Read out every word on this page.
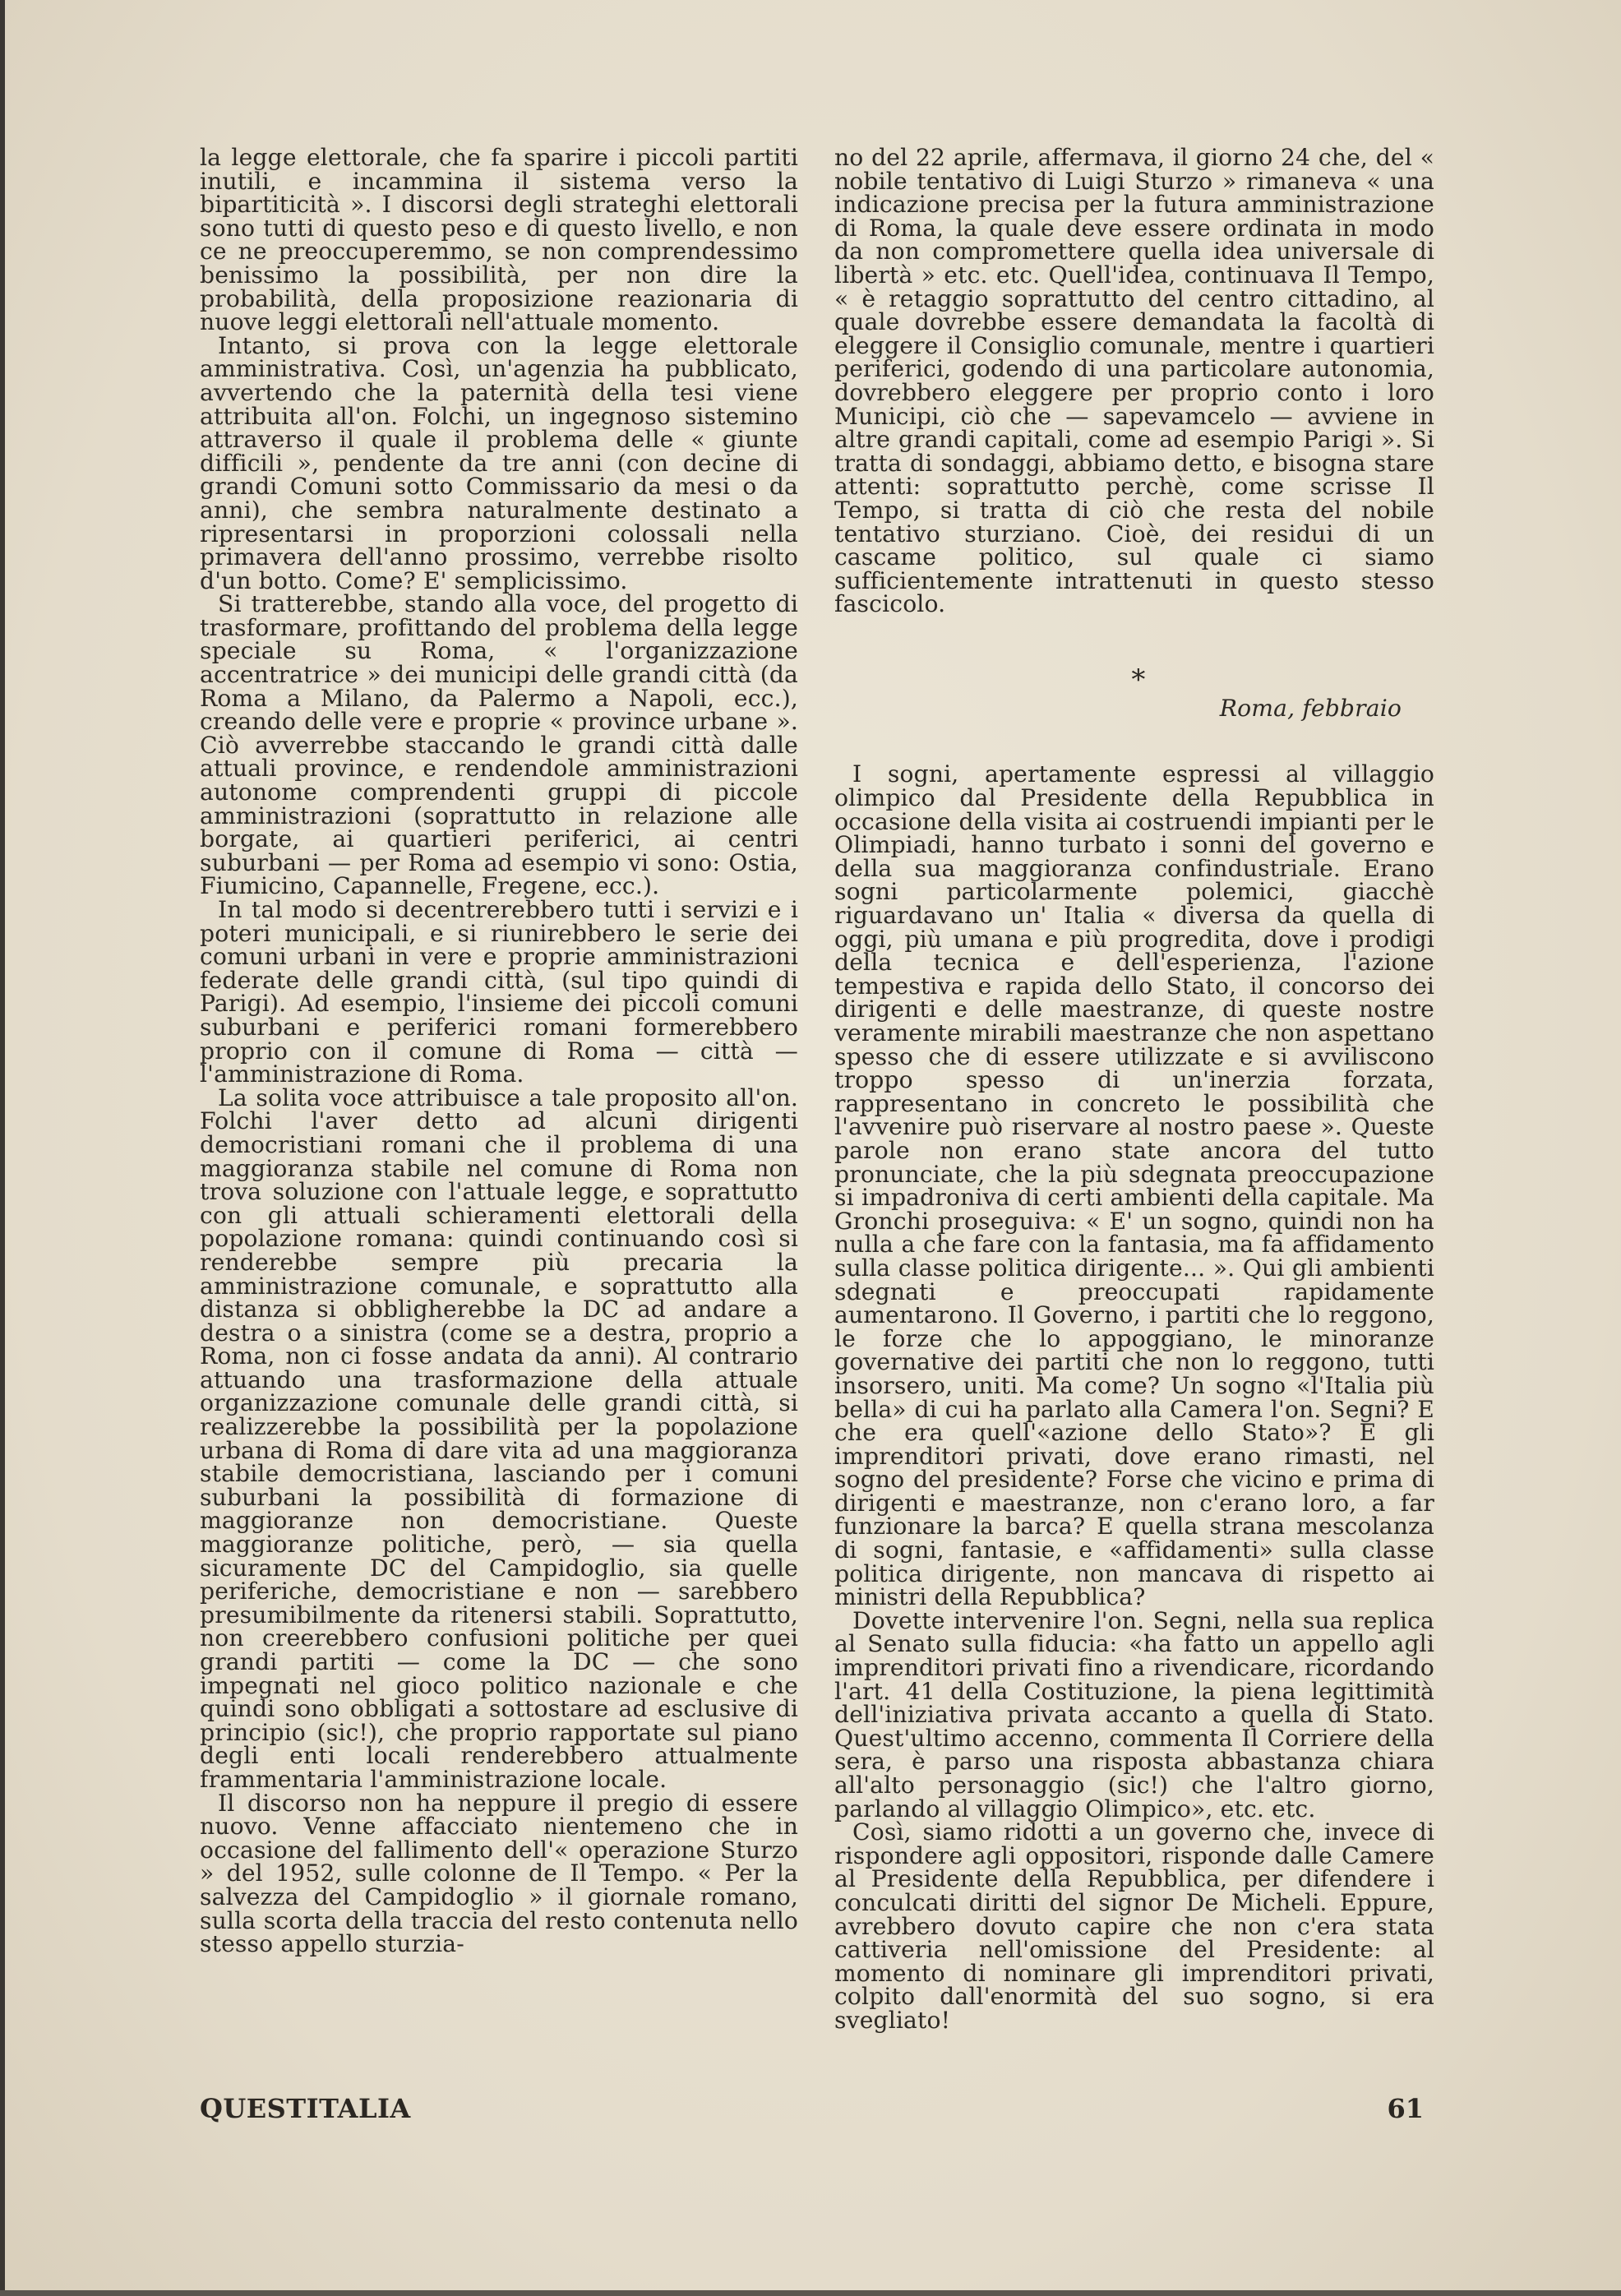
la legge elettorale, che fa sparire i piccoli partiti inutili, e incammina il sistema verso la bipartiticità ». I discorsi degli strateghi elettorali sono tutti di questo peso e di questo livello, e non ce ne preoccuperemmo, se non comprendessimo benissimo la possibilità, per non dire la probabilità, della proposizione reazionaria di nuove leggi elettorali nell'attuale momento.

Intanto, si prova con la legge elettorale amministrativa. Così, un'agenzia ha pubblicato, avvertendo che la paternità della tesi viene attribuita all'on. Folchi, un ingegnoso sistemino attraverso il quale il problema delle « giunte difficili », pendente da tre anni (con decine di grandi Comuni sotto Commissario da mesi o da anni), che sembra naturalmente destinato a ripresentarsi in proporzioni colossali nella primavera dell'anno prossimo, verrebbe risolto d'un botto. Come? E' semplicissimo.

Si tratterebbe, stando alla voce, del progetto di trasformare, profittando del problema della legge speciale su Roma, « l'organizzazione accentratrice » dei municipi delle grandi città (da Roma a Milano, da Palermo a Napoli, ecc.), creando delle vere e proprie « province urbane ». Ciò avverrebbe staccando le grandi città dalle attuali province, e rendendole amministrazioni autonome comprendenti gruppi di piccole amministrazioni (soprattutto in relazione alle borgate, ai quartieri periferici, ai centri suburbani — per Roma ad esempio vi sono: Ostia, Fiumicino, Capannelle, Fregene, ecc.).

In tal modo si decentrerebbero tutti i servizi e i poteri municipali, e si riunirebbero le serie dei comuni urbani in vere e proprie amministrazioni federate delle grandi città, (sul tipo quindi di Parigi). Ad esempio, l'insieme dei piccoli comuni suburbani e periferici romani formerebbero proprio con il comune di Roma — città — l'amministrazione di Roma.

La solita voce attribuisce a tale proposito all'on. Folchi l'aver detto ad alcuni dirigenti democristiani romani che il problema di una maggioranza stabile nel comune di Roma non trova soluzione con l'attuale legge, e soprattutto con gli attuali schieramenti elettorali della popolazione romana: quindi continuando così si renderebbe sempre più precaria la amministrazione comunale, e soprattutto alla distanza si obbligherebbe la DC ad andare a destra o a sinistra (come se a destra, proprio a Roma, non ci fosse andata da anni). Al contrario attuando una trasformazione della attuale organizzazione comunale delle grandi città, si realizzerebbe la possibilità per la popolazione urbana di Roma di dare vita ad una maggioranza stabile democristiana, lasciando per i comuni suburbani la possibilità di formazione di maggioranze non democristiane. Queste maggioranze politiche, però, — sia quella sicuramente DC del Campidoglio, sia quelle periferiche, democristiane e non — sarebbero presumibilmente da ritenersi stabili. Soprattutto, non creerebbero confusioni politiche per quei grandi partiti — come la DC — che sono impegnati nel gioco politico nazionale e che quindi sono obbligati a sottostare ad esclusive di principio (sic!), che proprio rapportate sul piano degli enti locali renderebbero attualmente frammentaria l'amministrazione locale.

Il discorso non ha neppure il pregio di essere nuovo. Venne affacciato nientemeno che in occasione del fallimento dell'« operazione Sturzo » del 1952, sulle colonne de Il Tempo. « Per la salvezza del Campidoglio » il giornale romano, sulla scorta della traccia del resto contenuta nello stesso appello sturzia-

no del 22 aprile, affermava, il giorno 24 che, del « nobile tentativo di Luigi Sturzo » rimaneva « una indicazione precisa per la futura amministrazione di Roma, la quale deve essere ordinata in modo da non compromettere quella idea universale di libertà » etc. etc. Quell'idea, continuava Il Tempo, « è retaggio soprattutto del centro cittadino, al quale dovrebbe essere demandata la facoltà di eleggere il Consiglio comunale, mentre i quartieri periferici, godendo di una particolare autonomia, dovrebbero eleggere per proprio conto i loro Municipi, ciò che — sapevamcelo — avviene in altre grandi capitali, come ad esempio Parigi ». Si tratta di sondaggi, abbiamo detto, e bisogna stare attenti: soprattutto perchè, come scrisse Il Tempo, si tratta di ciò che resta del nobile tentativo sturziano. Cioè, dei residui di un cascame politico, sul quale ci siamo sufficientemente intrattenuti in questo stesso fascicolo.

*
Roma, febbraio

I sogni, apertamente espressi al villaggio olimpico dal Presidente della Repubblica in occasione della visita ai costruendi impianti per le Olimpiadi, hanno turbato i sonni del governo e della sua maggioranza confindustriale. Erano sogni particolarmente polemici, giacchè riguardavano un' Italia « diversa da quella di oggi, più umana e più progredita, dove i prodigi della tecnica e dell'esperienza, l'azione tempestiva e rapida dello Stato, il concorso dei dirigenti e delle maestranze, di queste nostre veramente mirabili maestranze che non aspettano spesso che di essere utilizzate e si avviliscono troppo spesso di un'inerzia forzata, rappresentano in concreto le possibilità che l'avvenire può riservare al nostro paese ». Queste parole non erano state ancora del tutto pronunciate, che la più sdegnata preoccupazione si impadroniva di certi ambienti della capitale. Ma Gronchi proseguiva: « E' un sogno, quindi non ha nulla a che fare con la fantasia, ma fa affidamento sulla classe politica dirigente... ». Qui gli ambienti sdegnati e preoccupati rapidamente aumentarono. Il Governo, i partiti che lo reggono, le forze che lo appoggiano, le minoranze governative dei partiti che non lo reggono, tutti insorsero, uniti. Ma come? Un sogno «l'Italia più bella» di cui ha parlato alla Camera l'on. Segni? E che era quell'«azione dello Stato»? E gli imprenditori privati, dove erano rimasti, nel sogno del presidente? Forse che vicino e prima di dirigenti e maestranze, non c'erano loro, a far funzionare la barca? E quella strana mescolanza di sogni, fantasie, e «affidamenti» sulla classe politica dirigente, non mancava di rispetto ai ministri della Repubblica?

Dovette intervenire l'on. Segni, nella sua replica al Senato sulla fiducia: «ha fatto un appello agli imprenditori privati fino a rivendicare, ricordando l'art. 41 della Costituzione, la piena legittimità dell'iniziativa privata accanto a quella di Stato. Quest'ultimo accenno, commenta Il Corriere della sera, è parso una risposta abbastanza chiara all'alto personaggio (sic!) che l'altro giorno, parlando al villaggio Olimpico», etc. etc.

Così, siamo ridotti a un governo che, invece di rispondere agli oppositori, risponde dalle Camere al Presidente della Repubblica, per difendere i conculcati diritti del signor De Micheli. Eppure, avrebbero dovuto capire che non c'era stata cattiveria nell'omissione del Presidente: al momento di nominare gli imprenditori privati, colpito dall'enormità del suo sogno, si era svegliato!

QUESTITALIA	61
